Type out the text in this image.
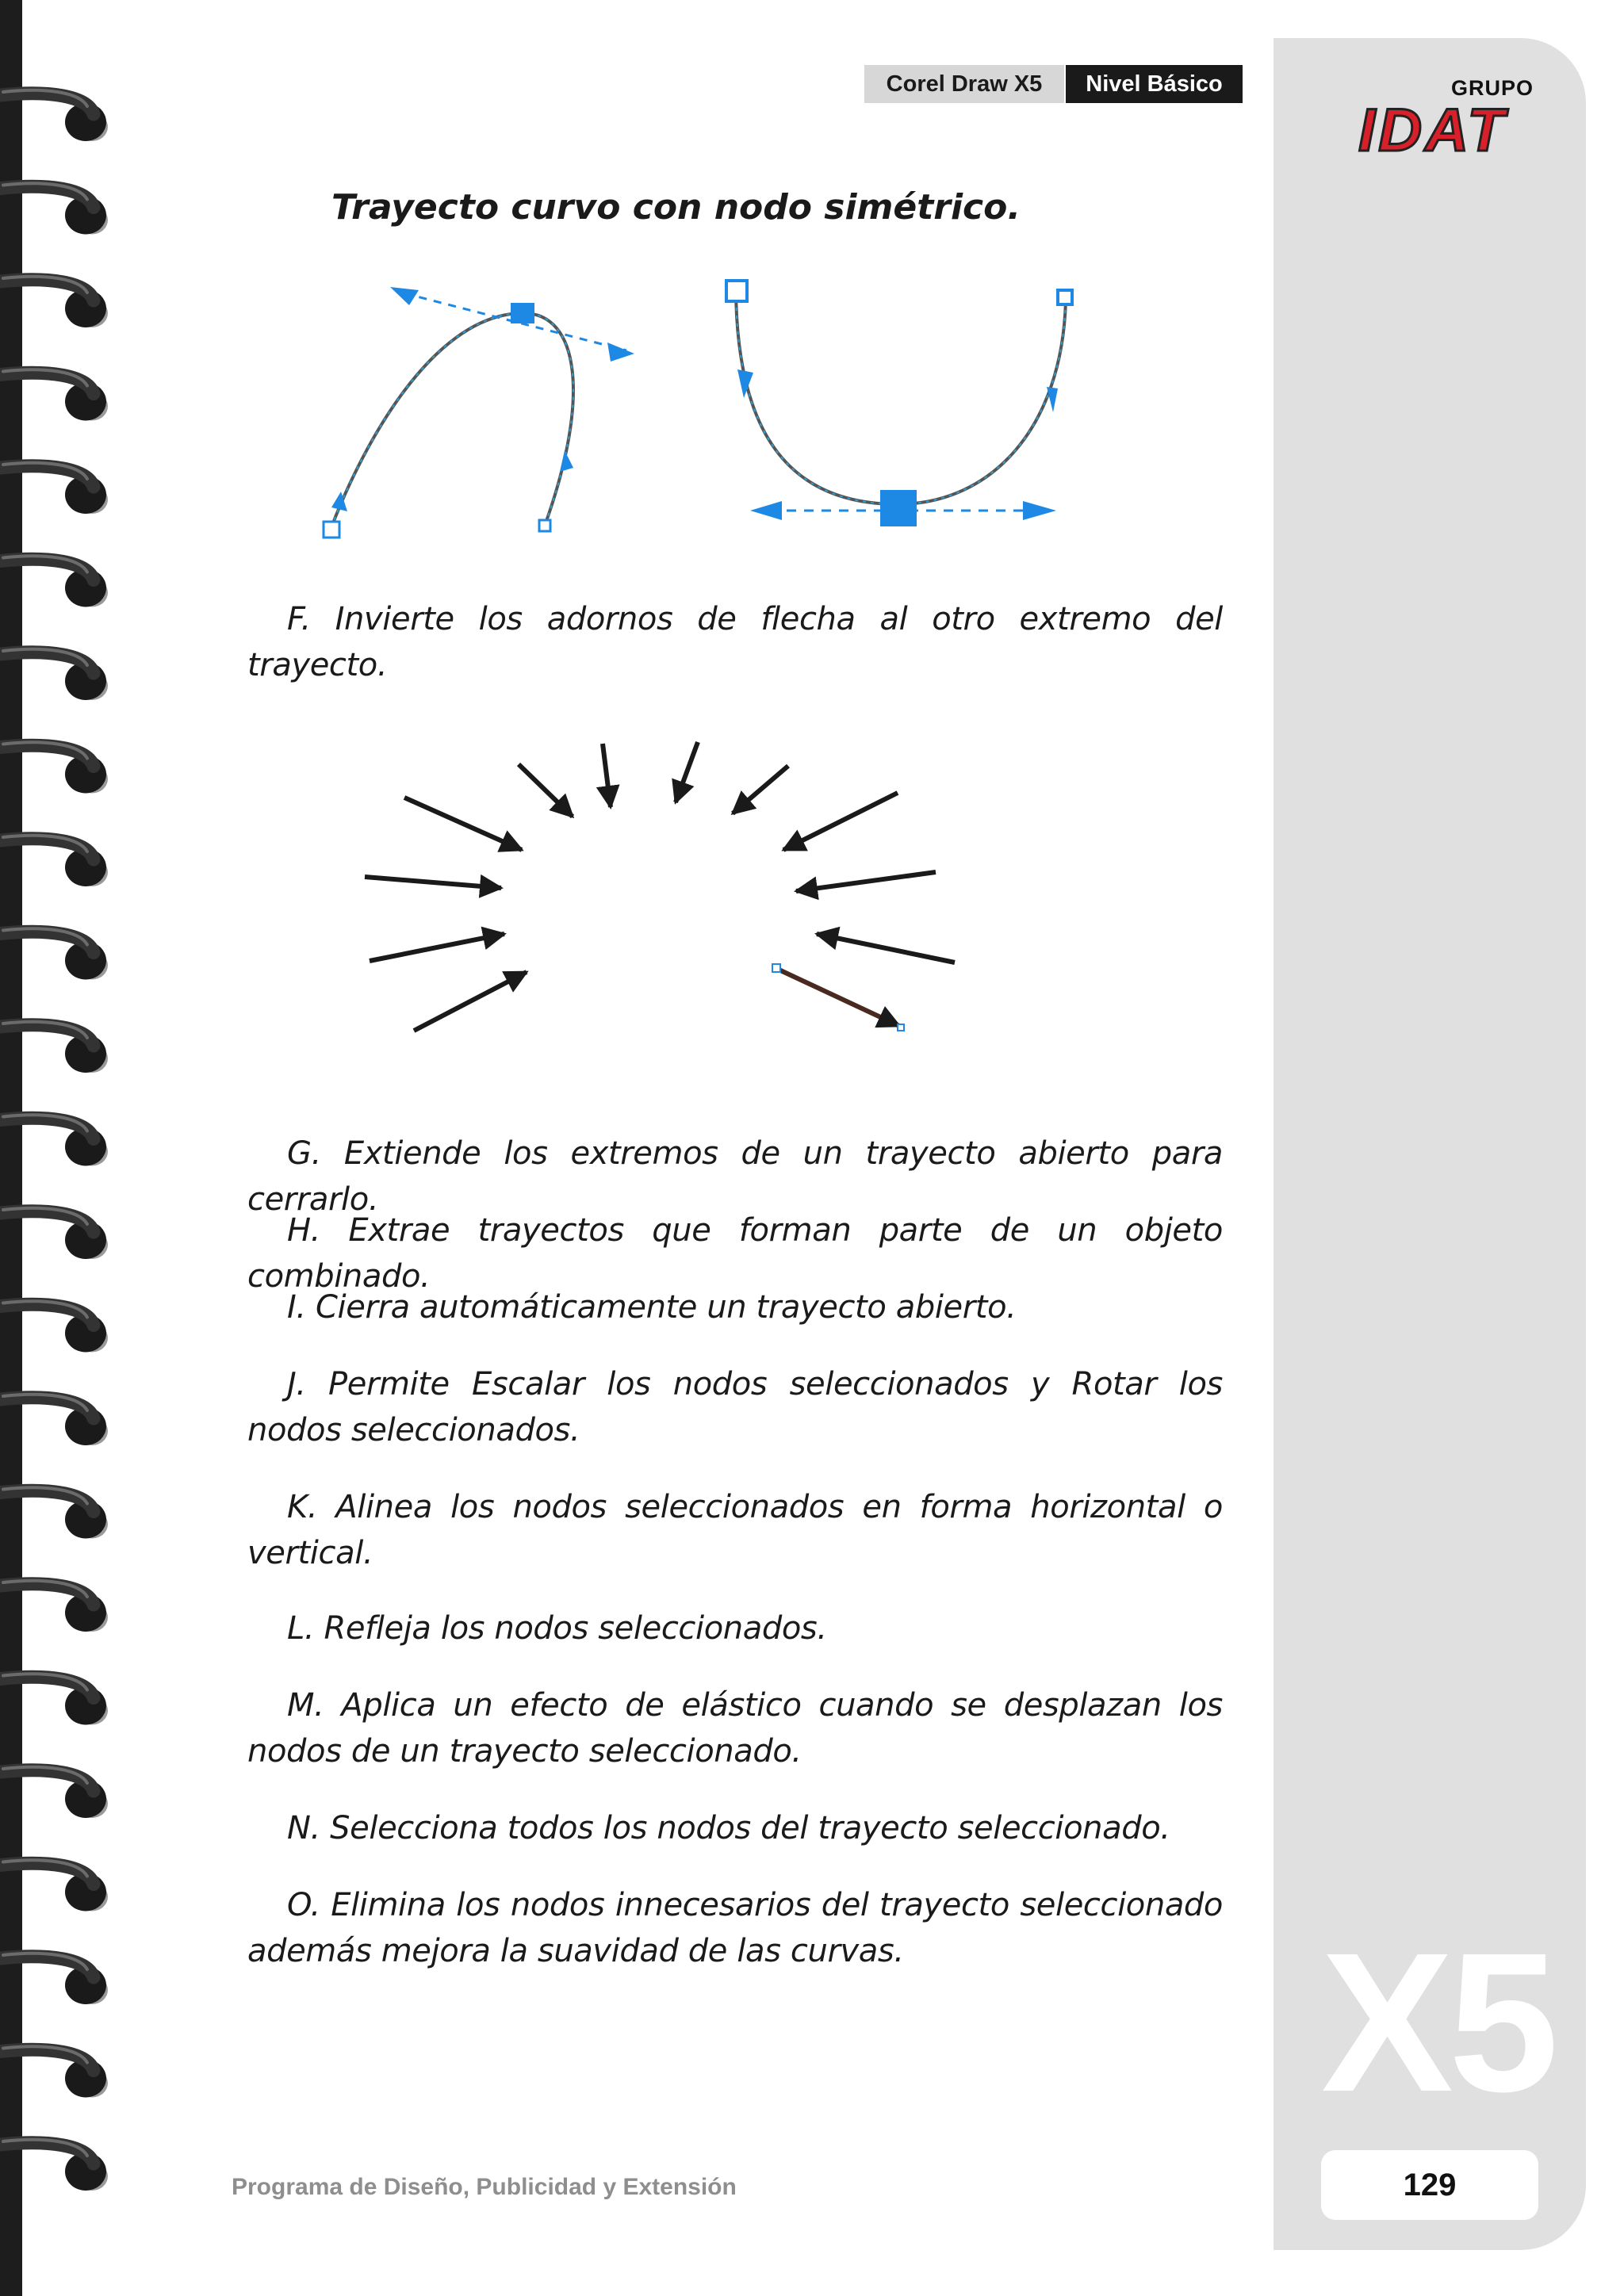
Corel Draw X5	Nivel Básico	GRUPO
IDAT
Trayecto curvo con nodo simétrico.
F. Invierte los adornos de flecha al otro extremo del trayecto.
G. Extiende los extremos de un trayecto abierto para cerrarlo.
H. Extrae trayectos que forman parte de un objeto combinado.
I. Cierra automáticamente un trayecto abierto.
J. Permite Escalar los nodos seleccionados y Rotar los nodos seleccionados.
K. Alinea los nodos seleccionados en forma horizontal o vertical.
L. Refleja los nodos seleccionados.
M. Aplica un efecto de elástico cuando se desplazan los nodos de un trayecto seleccionado.
N. Selecciona todos los nodos del trayecto seleccionado.
O. Elimina los nodos innecesarios del trayecto seleccionado además mejora la suavidad de las curvas.	X5
129
Programa de Diseño, Publicidad y Extensión
